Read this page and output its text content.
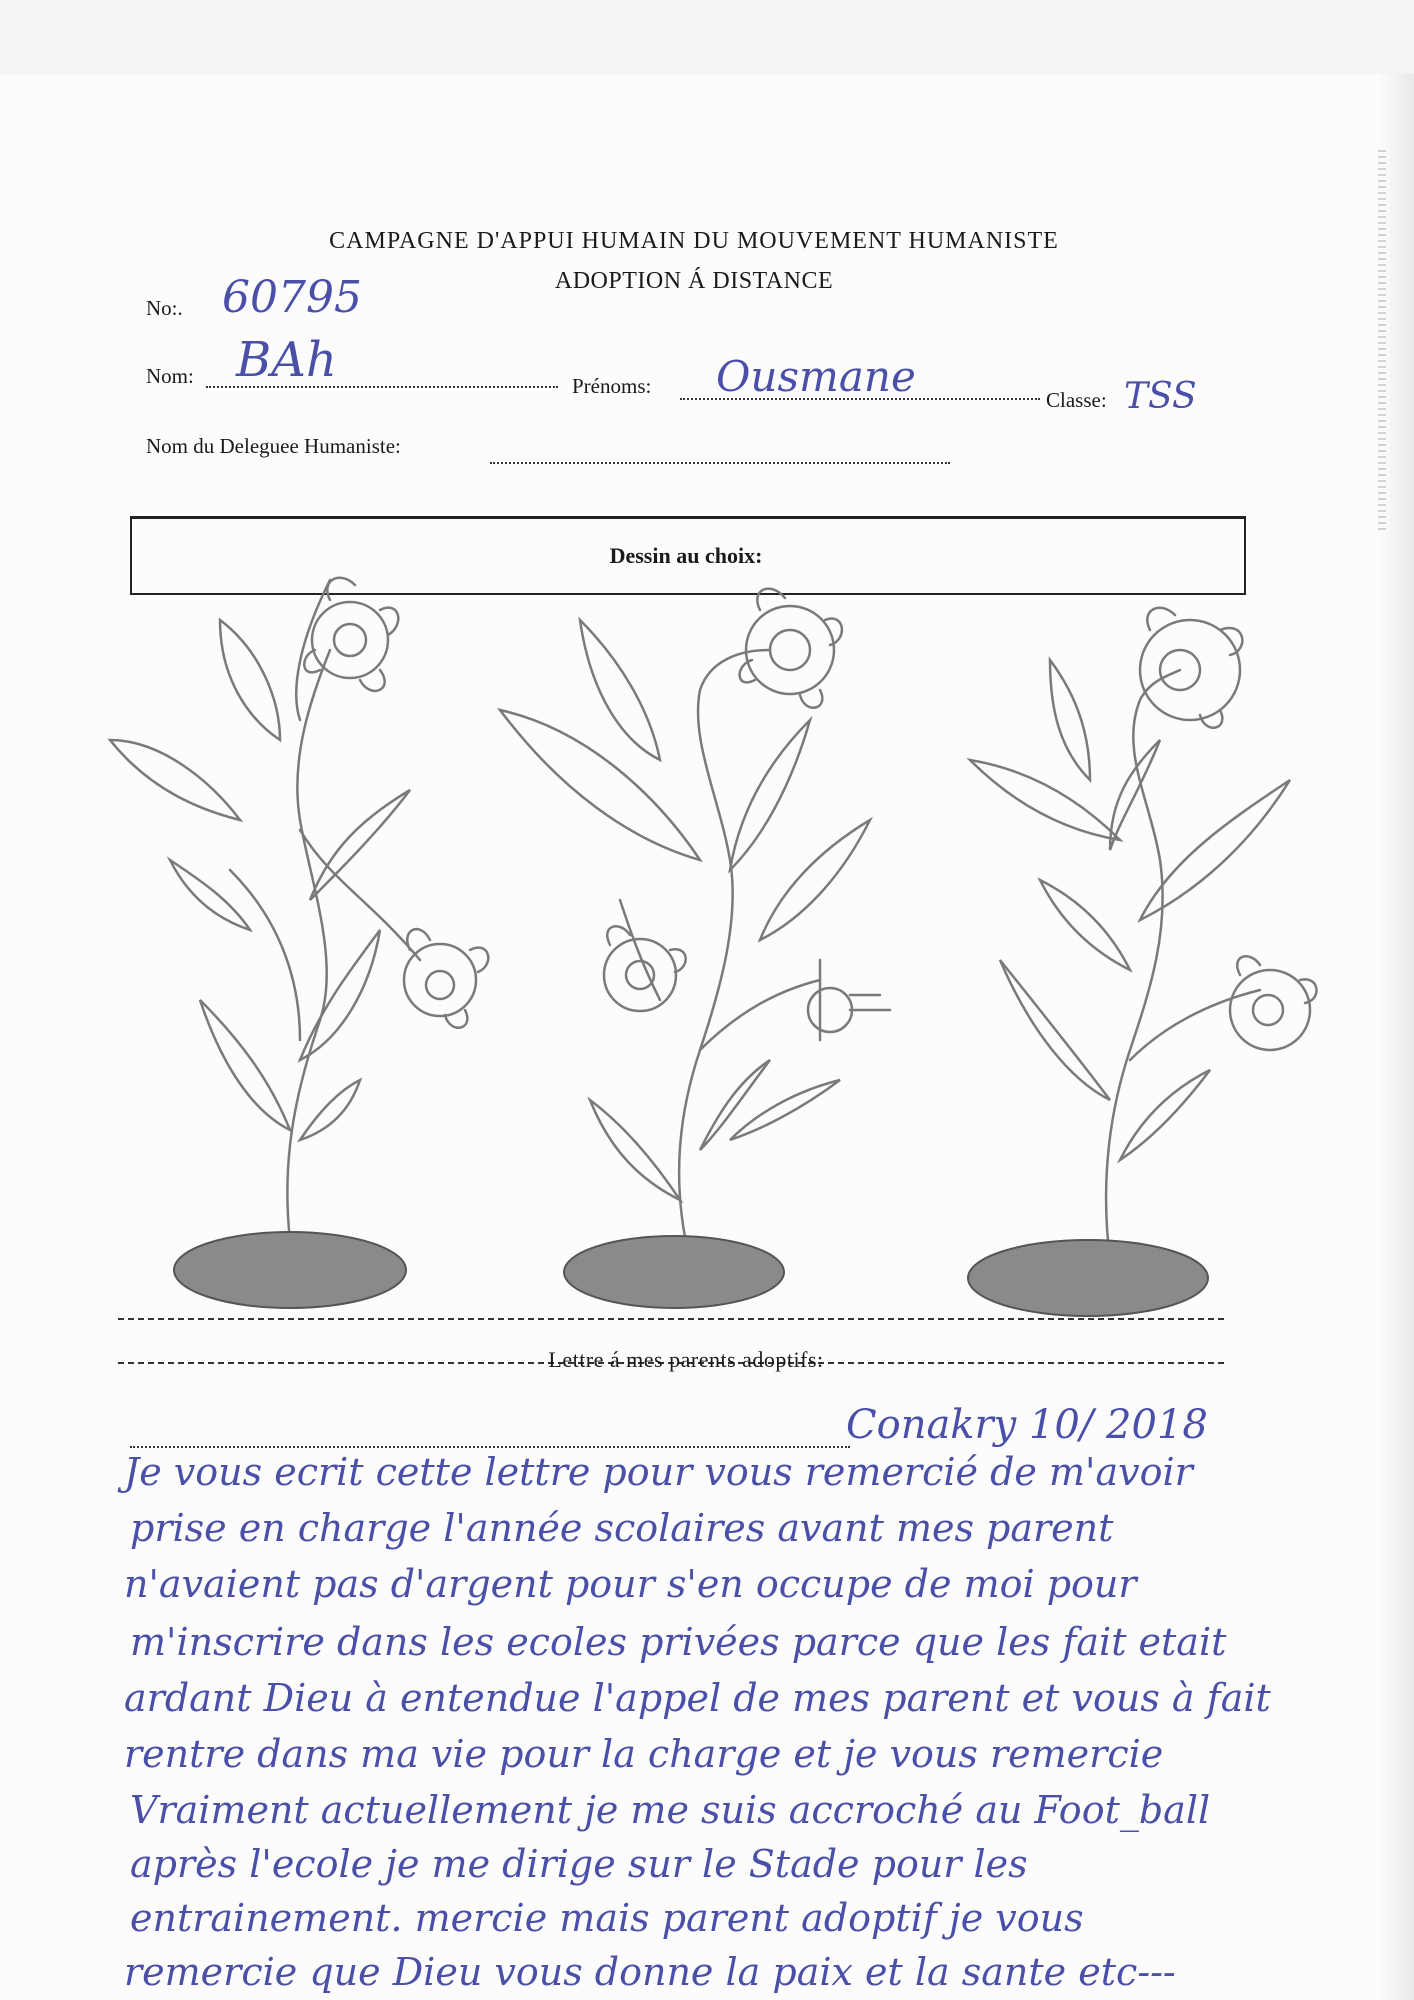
CAMPAGNE D'APPUI HUMAIN DU MOUVEMENT HUMANISTE
ADOPTION Á DISTANCE
No:. 60795
Nom: BAh	Prénoms: Ousmane	Classe: TSS
Nom du Deleguee Humaniste:
Dessin au choix:
Lettre á mes parents adoptifs:
Conakry 10/ 2018
Je vous ecrit cette lettre pour vous remercié de m'avoir
prise en charge l'année scolaires avant mes parent
n'avaient pas d'argent pour s'en occupe de moi pour
m'inscrire dans les ecoles privées parce que les fait etait
ardant Dieu à entendue l'appel de mes parent et vous à fait
rentre dans ma vie pour la charge et je vous remercie
Vraiment actuellement je me suis accroché au Foot_ball
après l'ecole je me dirige sur le Stade pour les
entrainement. mercie mais parent adoptif je vous
remercie que Dieu vous donne la paix et la sante etc---
